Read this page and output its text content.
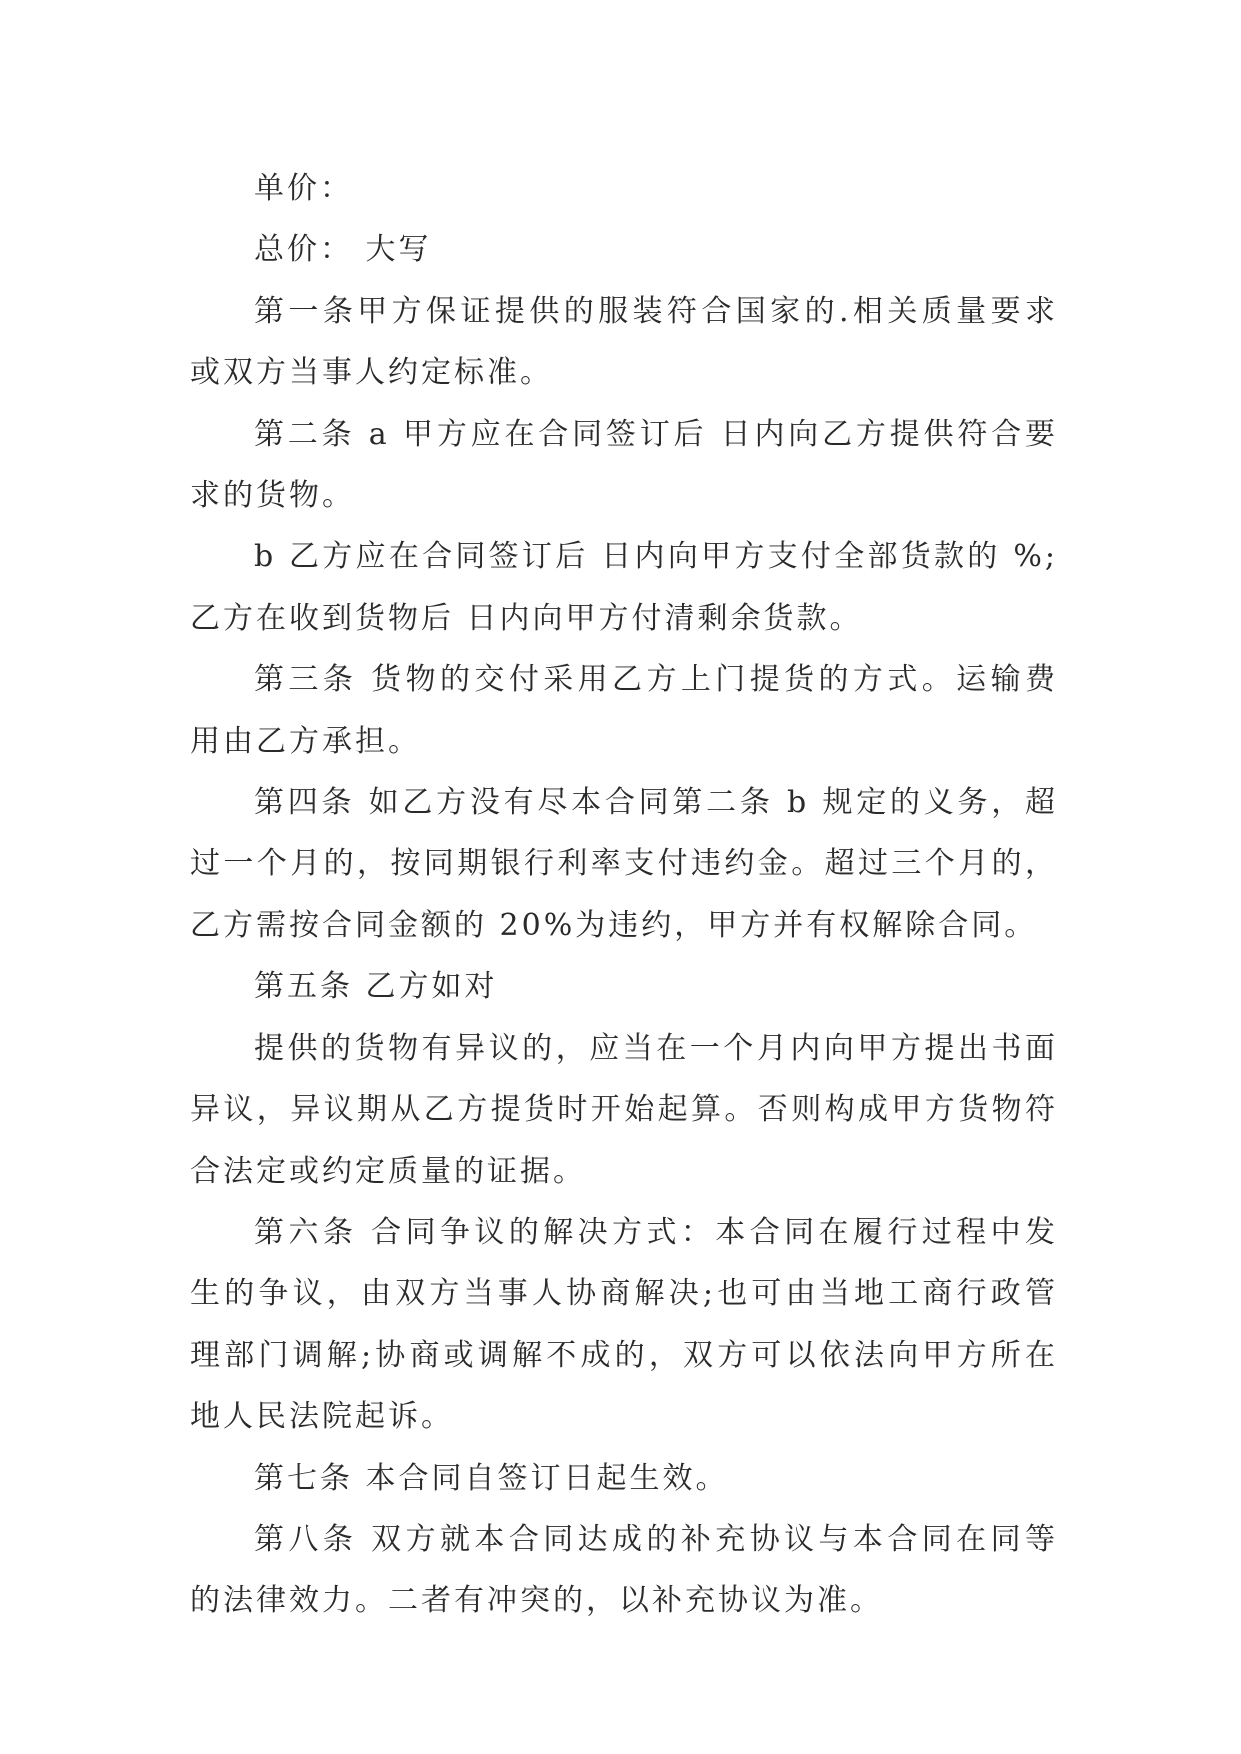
单价：

总价： 大写

第一条甲方保证提供的服装符合国家的.相关质量要求或双方当事人约定标准。

第二条 a 甲方应在合同签订后 日内向乙方提供符合要求的货物。

b 乙方应在合同签订后 日内向甲方支付全部货款的 %;乙方在收到货物后 日内向甲方付清剩余货款。

第三条 货物的交付采用乙方上门提货的方式。运输费用由乙方承担。

第四条 如乙方没有尽本合同第二条 b 规定的义务，超过一个月的，按同期银行利率支付违约金。超过三个月的，乙方需按合同金额的 20%为违约，甲方并有权解除合同。

第五条 乙方如对

提供的货物有异议的，应当在一个月内向甲方提出书面异议，异议期从乙方提货时开始起算。否则构成甲方货物符合法定或约定质量的证据。

第六条 合同争议的解决方式：本合同在履行过程中发生的争议，由双方当事人协商解决;也可由当地工商行政管理部门调解;协商或调解不成的，双方可以依法向甲方所在地人民法院起诉。

第七条 本合同自签订日起生效。

第八条 双方就本合同达成的补充协议与本合同在同等的法律效力。二者有冲突的，以补充协议为准。
